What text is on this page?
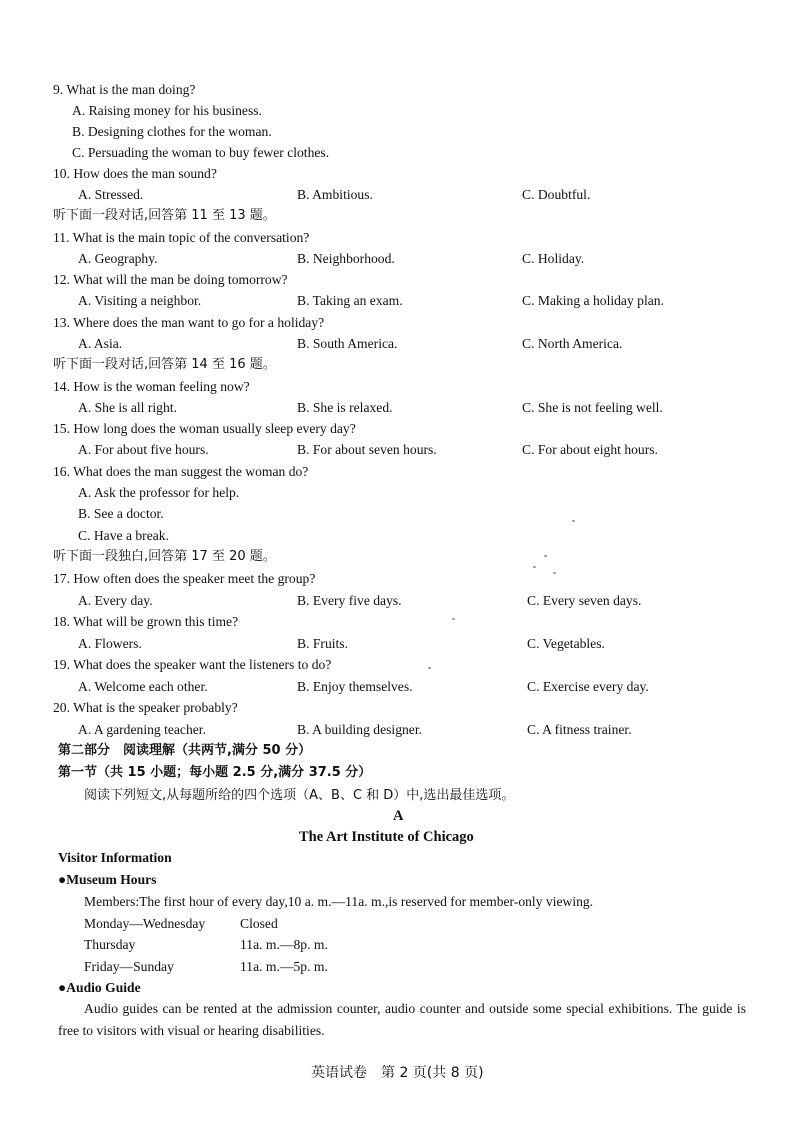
9. What is the man doing?
A. Raising money for his business.
B. Designing clothes for the woman.
C. Persuading the woman to buy fewer clothes.
10. How does the man sound?
A. Stressed.	B. Ambitious.	C. Doubtful.
听下面一段对话,回答第 11 至 13 题。
11. What is the main topic of the conversation?
A. Geography.	B. Neighborhood.	C. Holiday.
12. What will the man be doing tomorrow?
A. Visiting a neighbor.	B. Taking an exam.	C. Making a holiday plan.
13. Where does the man want to go for a holiday?
A. Asia.	B. South America.	C. North America.
听下面一段对话,回答第 14 至 16 题。
14. How is the woman feeling now?
A. She is all right.	B. She is relaxed.	C. She is not feeling well.
15. How long does the woman usually sleep every day?
A. For about five hours.	B. For about seven hours.	C. For about eight hours.
16. What does the man suggest the woman do?
A. Ask the professor for help.
B. See a doctor.
C. Have a break.
听下面一段独白,回答第 17 至 20 题。
17. How often does the speaker meet the group?
A. Every day.	B. Every five days.	C. Every seven days.
18. What will be grown this time?
A. Flowers.	B. Fruits.	C. Vegetables.
19. What does the speaker want the listeners to do?
A. Welcome each other.	B. Enjoy themselves.	C. Exercise every day.
20. What is the speaker probably?
A. A gardening teacher.	B. A building designer.	C. A fitness trainer.
第二部分　阅读理解（共两节,满分 50 分）
第一节（共 15 小题；每小题 2.5 分,满分 37.5 分）
阅读下列短文,从每题所给的四个选项（A、B、C 和 D）中,选出最佳选项。
A
The Art Institute of Chicago
Visitor Information
●Museum Hours
Members:The first hour of every day,10 a. m.—11a. m.,is reserved for member-only viewing.
Monday—Wednesday	Closed
Thursday	11a. m.—8p. m.
Friday—Sunday	11a. m.—5p. m.
●Audio Guide
Audio guides can be rented at the admission counter, audio counter and outside some special exhibitions. The guide is free to visitors with visual or hearing disabilities.
英语试卷　第 2 页(共 8 页)
